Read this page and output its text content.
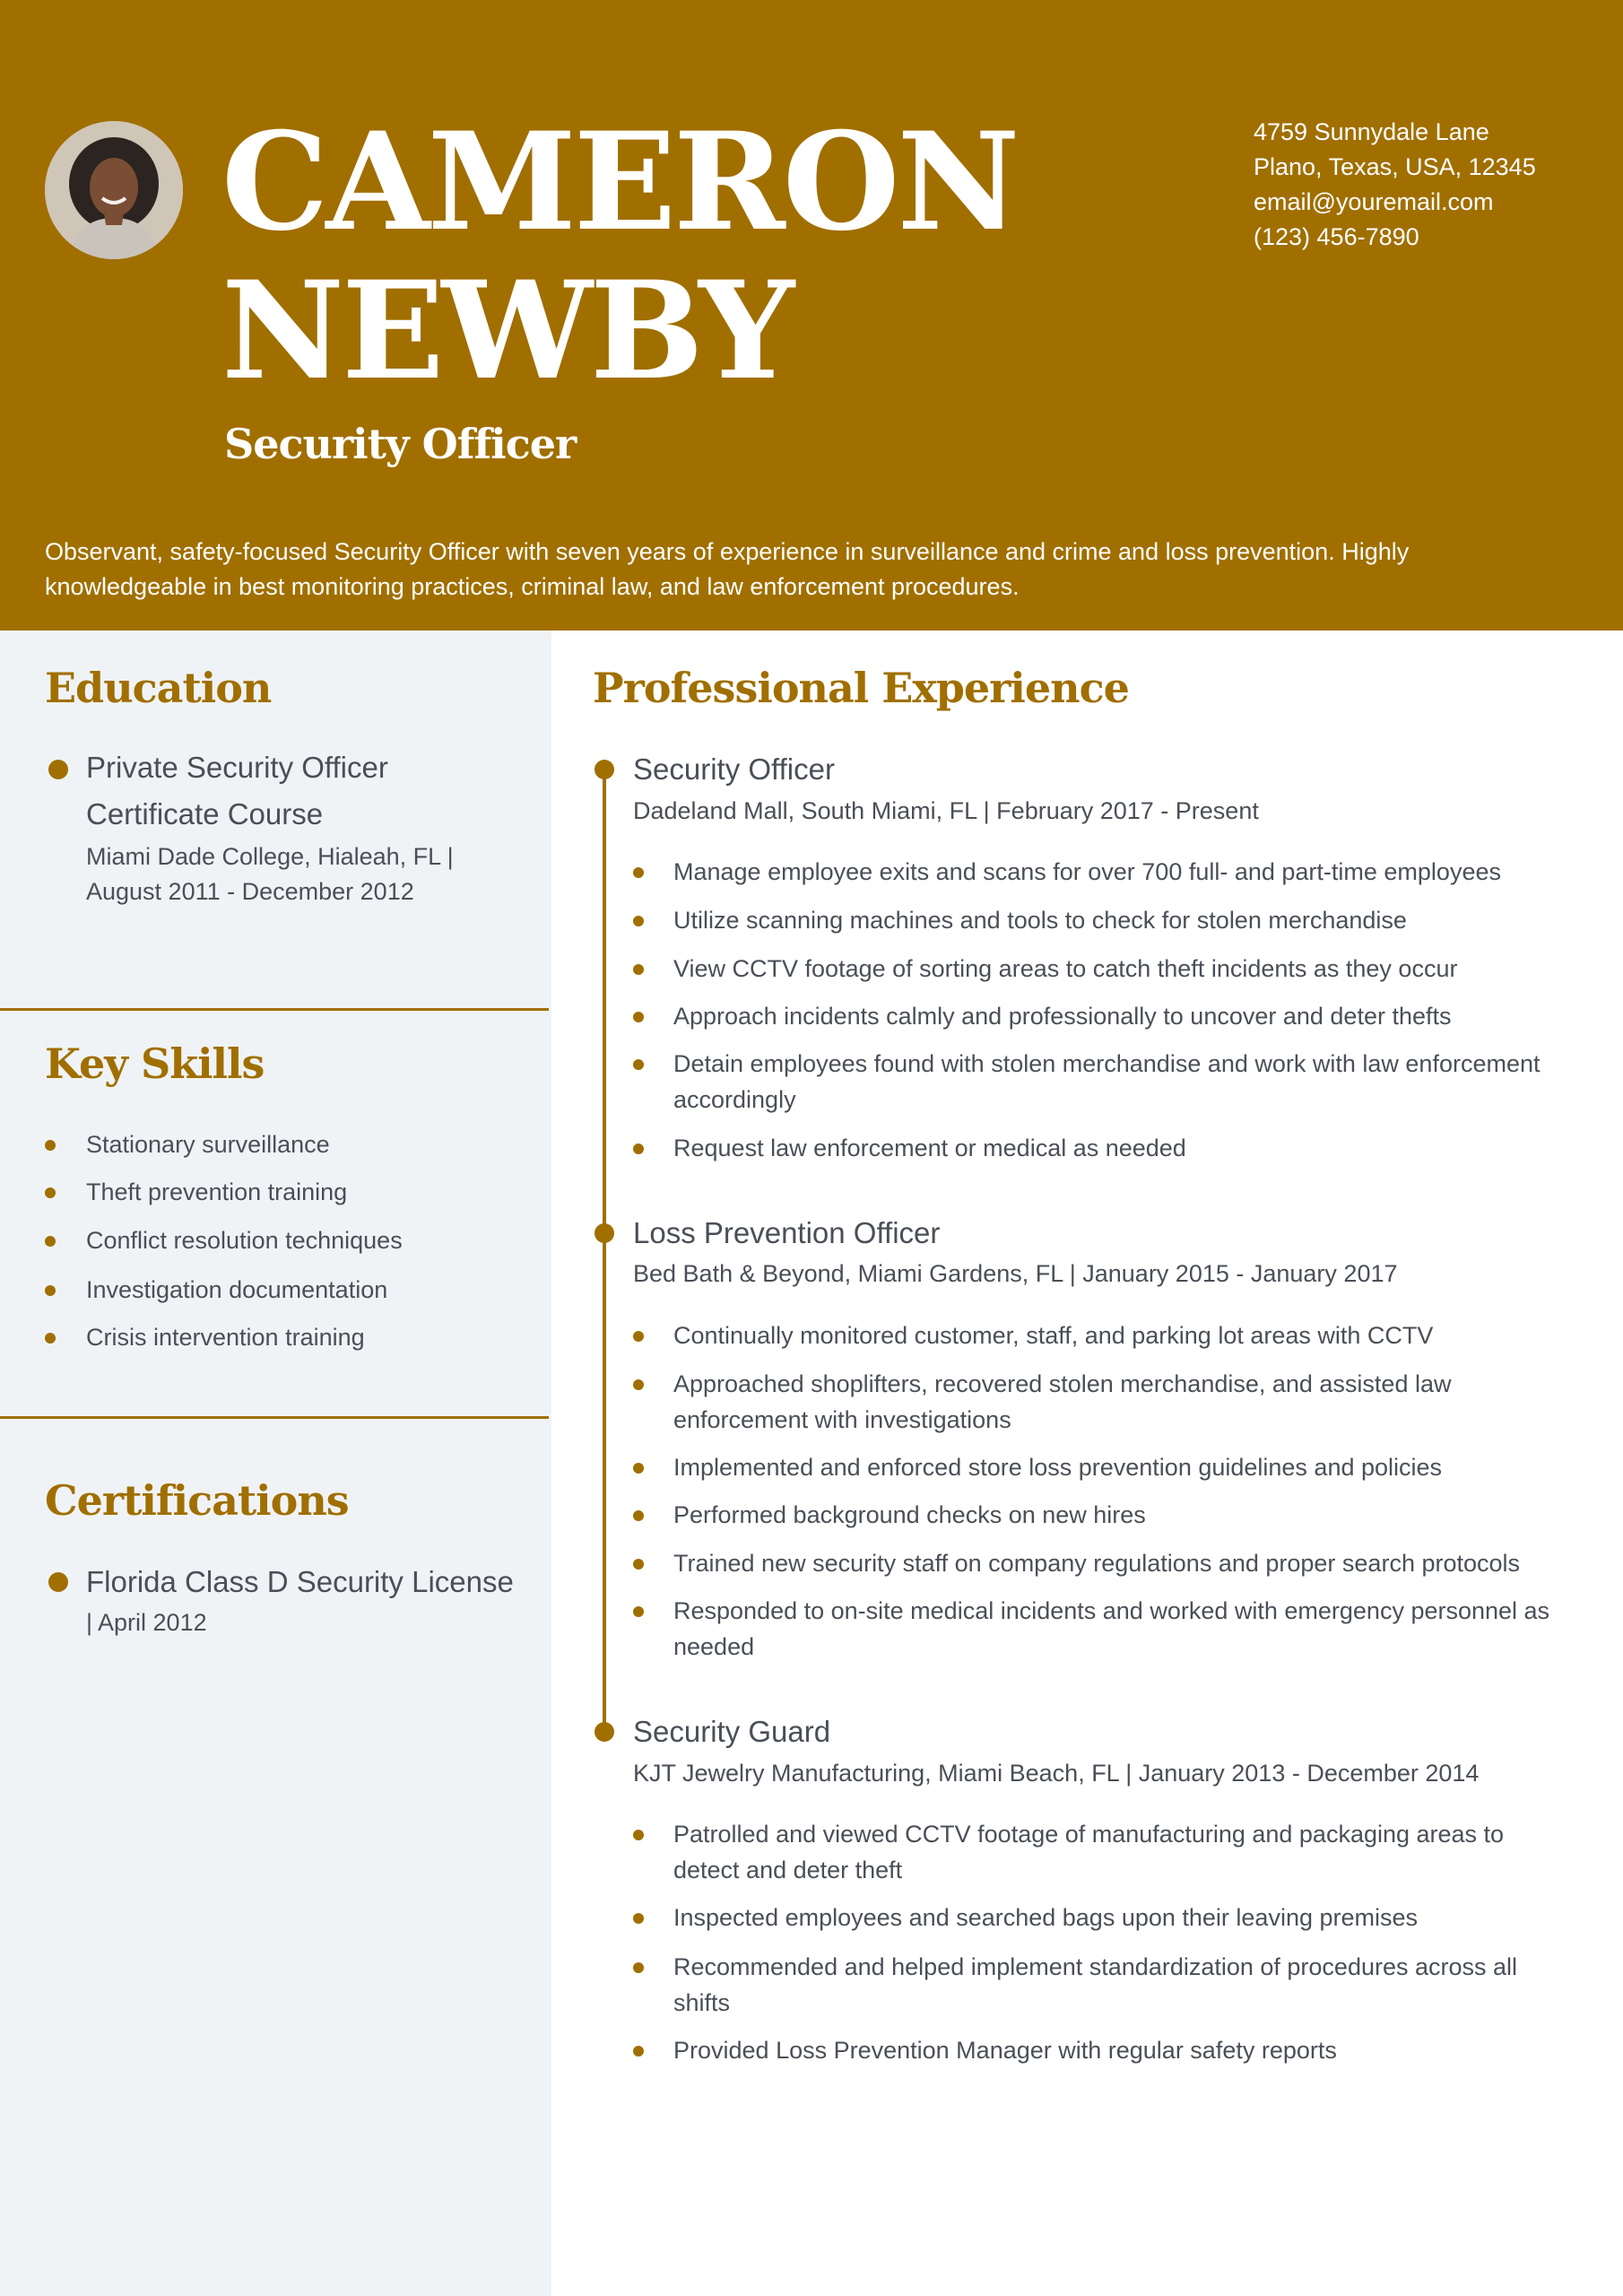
CAMERON
NEWBY
Security Officer
4759 Sunnydale Lane
Plano, Texas, USA, 12345
email@youremail.com
(123) 456-7890
Observant, safety-focused Security Officer with seven years of experience in surveillance and crime and loss prevention. Highly knowledgeable in best monitoring practices, criminal law, and law enforcement procedures.
Education
Private Security Officer Certificate Course
Miami Dade College, Hialeah, FL | August 2011 - December 2012
Key Skills
Stationary surveillance
Theft prevention training
Conflict resolution techniques
Investigation documentation
Crisis intervention training
Certifications
Florida Class D Security License
| April 2012
Professional Experience
Security Officer
Dadeland Mall, South Miami, FL | February 2017 - Present
Manage employee exits and scans for over 700 full- and part-time employees
Utilize scanning machines and tools to check for stolen merchandise
View CCTV footage of sorting areas to catch theft incidents as they occur
Approach incidents calmly and professionally to uncover and deter thefts
Detain employees found with stolen merchandise and work with law enforcement accordingly
Request law enforcement or medical as needed
Loss Prevention Officer
Bed Bath & Beyond, Miami Gardens, FL | January 2015 - January 2017
Continually monitored customer, staff, and parking lot areas with CCTV
Approached shoplifters, recovered stolen merchandise, and assisted law enforcement with investigations
Implemented and enforced store loss prevention guidelines and policies
Performed background checks on new hires
Trained new security staff on company regulations and proper search protocols
Responded to on-site medical incidents and worked with emergency personnel as needed
Security Guard
KJT Jewelry Manufacturing, Miami Beach, FL | January 2013 - December 2014
Patrolled and viewed CCTV footage of manufacturing and packaging areas to detect and deter theft
Inspected employees and searched bags upon their leaving premises
Recommended and helped implement standardization of procedures across all shifts
Provided Loss Prevention Manager with regular safety reports
